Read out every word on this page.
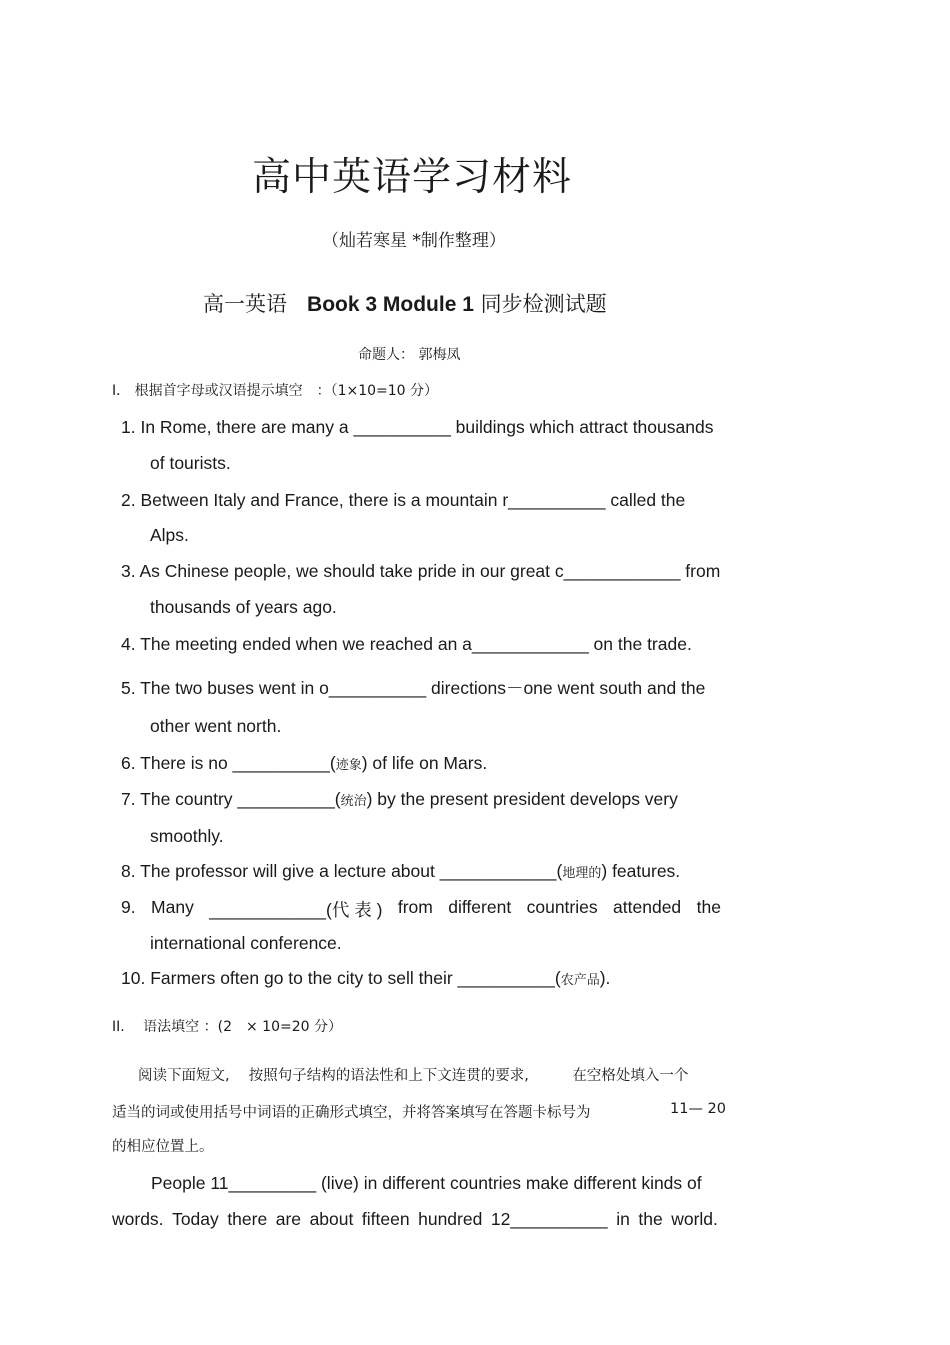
高中英语学习材料
（灿若寒星 *制作整理）
高一英语 Book 3 Module 1 同步检测试题
命题人： 郭梅凤
I． 根据首字母或汉语提示填空　：（1×10=10 分）
1. In Rome, there are many a __________ buildings which attract thousands
of tourists.
2. Between Italy and France, there is a mountain r__________ called the
Alps.
3. As Chinese people, we should take pride in our great c____________ from
thousands of years ago.
4. The meeting ended when we reached an a____________ on the trade.
5. The two buses went in o__________ directions－one went south and the
other went north.
6. There is no __________(迹象) of life on Mars.
7. The country __________(统治) by the present president develops very
smoothly.
8. The professor will give a lecture about ____________(地理的) features.
9. Many ____________(代 表 ) from different countries attended the
international conference.
10. Farmers often go to the city to sell their __________(农产品).
II.　 语法填空 ：(2　× 10=20 分）
阅读下面短文,　 按照句子结构的语法性和上下文连贯的要求,　　　在空格处填入一个
适当的词或使用括号中词语的正确形式填空，并将答案填写在答题卡标号为	11— 20
的相应位置上。
People 11_________ (live) in different countries make different kinds of
words. Today there are about fifteen hundred 12__________ in the world.
